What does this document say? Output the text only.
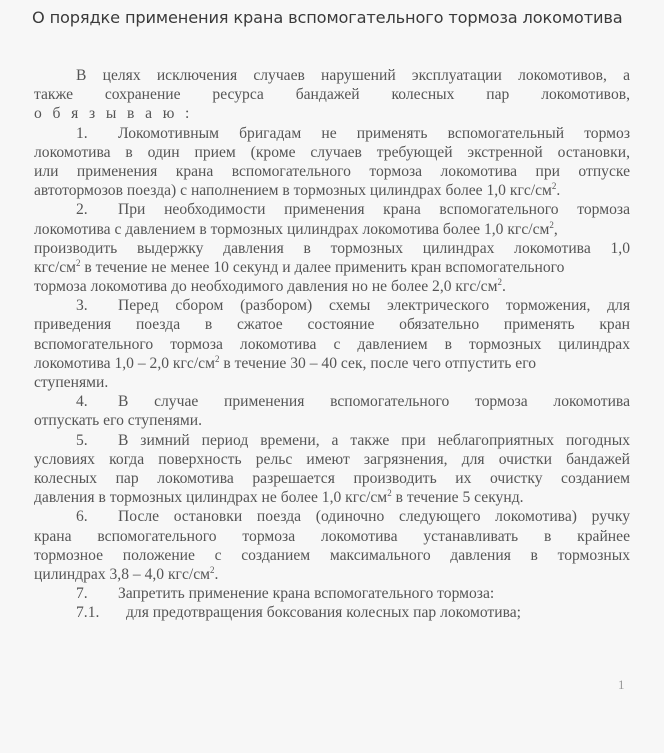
О порядке применения крана вспомогательного тормоза локомотива
В целях исключения случаев нарушений эксплуатации локомотивов, а
также сохранение ресурса бандажей колесных пар локомотивов,
о б я з ы в а ю :
1. Локомотивным бригадам не применять вспомогательный тормоз
локомотива в один прием (кроме случаев требующей экстренной остановки,
или применения крана вспомогательного тормоза локомотива при отпуске
автотормозов поезда) с наполнением в тормозных цилиндрах более 1,0 кгс/$см^2$.
2. При необходимости применения крана вспомогательного тормоза
локомотива с давлением в тормозных цилиндрах локомотива более 1,0 кгс/$см^2$,
производить выдержку давления в тормозных цилиндрах локомотива 1,0
кгс/$см^2$ в течение не менее 10 секунд и далее применить кран вспомогательного
тормоза локомотива до необходимого давления но не более 2,0 кгс/$см^2$.
3. Перед сбором (разбором) схемы электрического торможения, для
приведения поезда в сжатое состояние обязательно применять кран
вспомогательного тормоза локомотива с давлением в тормозных цилиндрах
локомотива 1,0 – 2,0 кгс/$см^2$ в течение 30 – 40 сек, после чего отпустить его
ступенями.
4. В случае применения вспомогательного тормоза локомотива
отпускать его ступенями.
5. В зимний период времени, а также при неблагоприятных погодных
условиях когда поверхность рельс имеют загрязнения, для очистки бандажей
колесных пар локомотива разрешается производить их очистку созданием
давления в тормозных цилиндрах не более 1,0 кгс/$см^2$ в течение 5 секунд.
6. После остановки поезда (одиночно следующего локомотива) ручку
крана вспомогательного тормоза локомотива устанавливать в крайнее
тормозное положение с созданием максимального давления в тормозных
цилиндрах 3,8 – 4,0 кгс/$см^2$.
7. Запретить применение крана вспомогательного тормоза:
7.1. для предотвращения боксования колесных пар локомотива;
1
